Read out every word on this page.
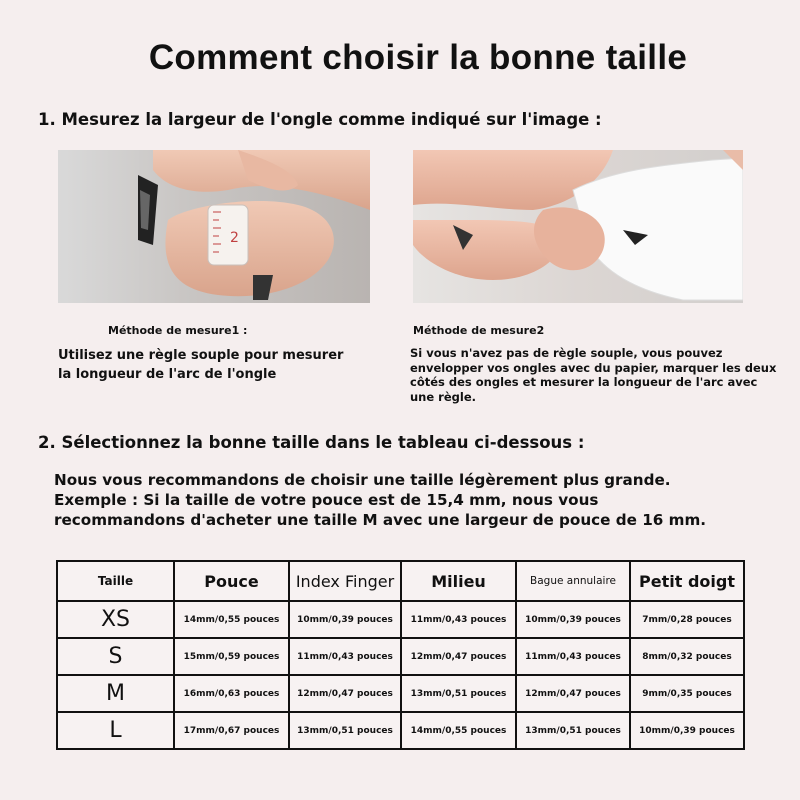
Comment choisir la bonne taille
1. Mesurez la largeur de l'ongle comme indiqué sur l'image :
2
Méthode de mesure1 :	Méthode de mesure2
Utilisez une règle souple pour mesurer la longueur de l'arc de l'ongle
Si vous n'avez pas de règle souple, vous pouvez envelopper vos ongles avec du papier, marquer les deux côtés des ongles et mesurer la longueur de l'arc avec une règle.
2. Sélectionnez la bonne taille dans le tableau ci-dessous :
Nous vous recommandons de choisir une taille légèrement plus grande.
Exemple : Si la taille de votre pouce est de 15,4 mm, nous vous
recommandons d'acheter une taille M avec une largeur de pouce de 16 mm.
Taille	Pouce	Index Finger	Milieu	Bague annulaire	Petit doigt
XS	14mm/0,55 pouces	10mm/0,39 pouces	11mm/0,43 pouces	10mm/0,39 pouces	7mm/0,28 pouces
S	15mm/0,59 pouces	11mm/0,43 pouces	12mm/0,47 pouces	11mm/0,43 pouces	8mm/0,32 pouces
M	16mm/0,63 pouces	12mm/0,47 pouces	13mm/0,51 pouces	12mm/0,47 pouces	9mm/0,35 pouces
L	17mm/0,67 pouces	13mm/0,51 pouces	14mm/0,55 pouces	13mm/0,51 pouces	10mm/0,39 pouces
